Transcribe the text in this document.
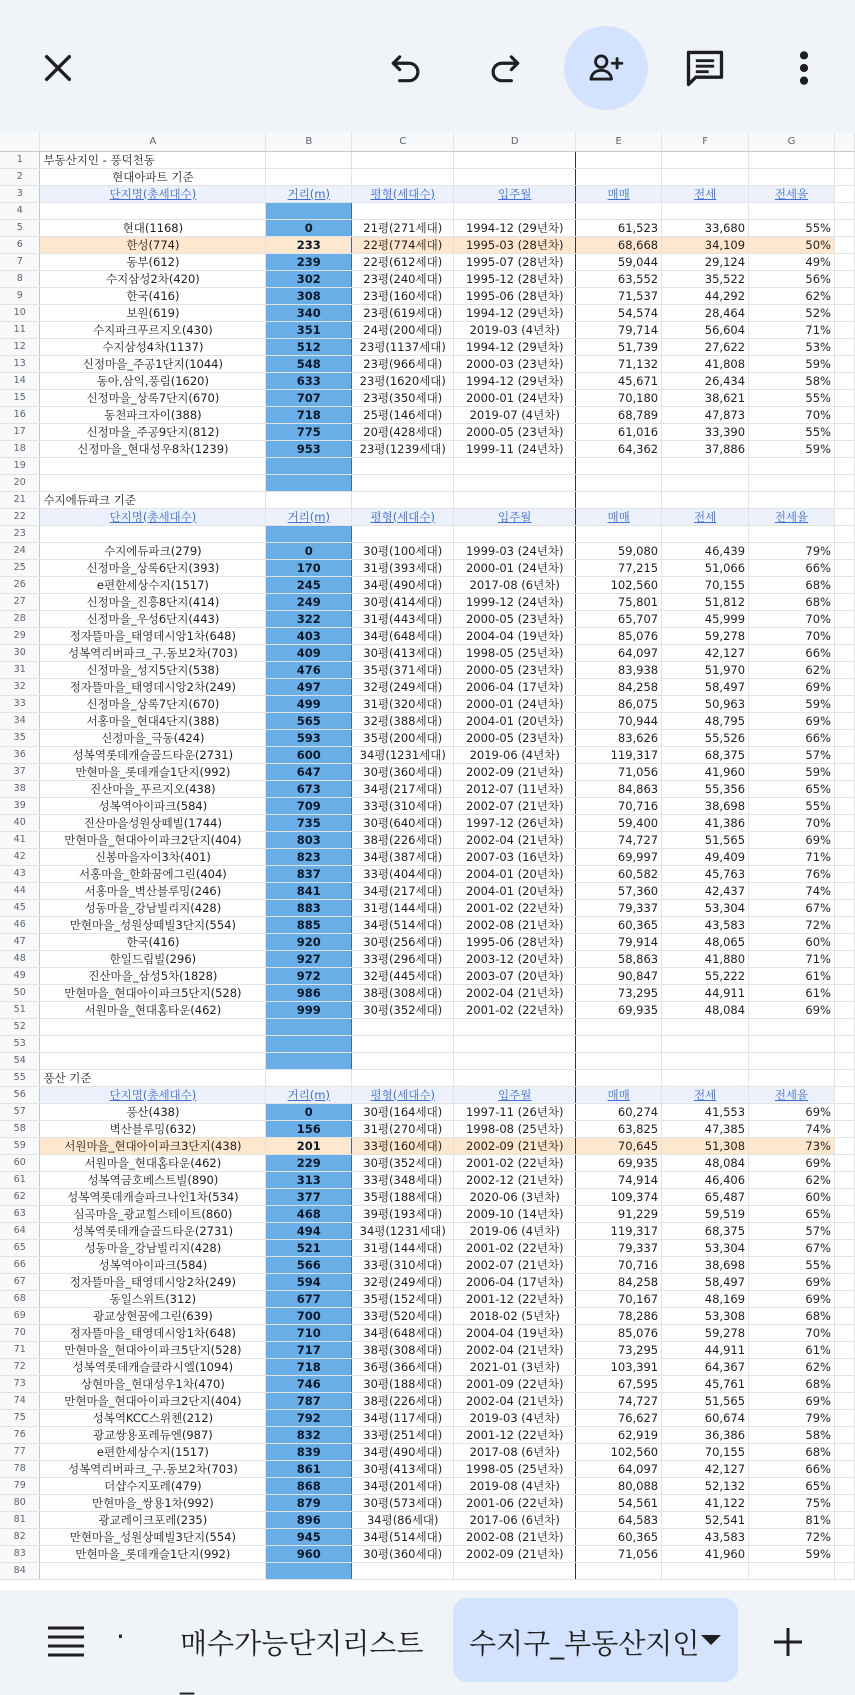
	A	B	C	D	E	F	G	
1	부동산지인 - 풍덕천동							
2	현대아파트 기준							
3	단지명(총세대수)	거리(m)	평형(세대수)	입주월	매매	전세	전세율	
4								
5	현대(1168)	0	21평(271세대)	1994-12 (29년차)	61,523	33,680	55%	
6	한성(774)	233	22평(774세대)	1995-03 (28년차)	68,668	34,109	50%	
7	동부(612)	239	22평(612세대)	1995-07 (28년차)	59,044	29,124	49%	
8	수지삼성2차(420)	302	23평(240세대)	1995-12 (28년차)	63,552	35,522	56%	
9	한국(416)	308	23평(160세대)	1995-06 (28년차)	71,537	44,292	62%	
10	보원(619)	340	23평(619세대)	1994-12 (29년차)	54,574	28,464	52%	
11	수지파크푸르지오(430)	351	24평(200세대)	2019-03 (4년차)	79,714	56,604	71%	
12	수지삼성4차(1137)	512	23평(1137세대)	1994-12 (29년차)	51,739	27,622	53%	
13	신정마을_주공1단지(1044)	548	23평(966세대)	2000-03 (23년차)	71,132	41,808	59%	
14	동아,삼익,풍림(1620)	633	23평(1620세대)	1994-12 (29년차)	45,671	26,434	58%	
15	신정마을_상록7단지(670)	707	23평(350세대)	2000-01 (24년차)	70,180	38,621	55%	
16	동천파크자이(388)	718	25평(146세대)	2019-07 (4년차)	68,789	47,873	70%	
17	신정마을_주공9단지(812)	775	20평(428세대)	2000-05 (23년차)	61,016	33,390	55%	
18	신정마을_현대성우8차(1239)	953	23평(1239세대)	1999-11 (24년차)	64,362	37,886	59%	
19								
20								
21	수지에듀파크 기준							
22	단지명(총세대수)	거리(m)	평형(세대수)	입주월	매매	전세	전세율	
23								
24	수지에듀파크(279)	0	30평(100세대)	1999-03 (24년차)	59,080	46,439	79%	
25	신정마을_상록6단지(393)	170	31평(393세대)	2000-01 (24년차)	77,215	51,066	66%	
26	e편한세상수지(1517)	245	34평(490세대)	2017-08 (6년차)	102,560	70,155	68%	
27	신정마을_진흥8단지(414)	249	30평(414세대)	1999-12 (24년차)	75,801	51,812	68%	
28	신정마을_우성6단지(443)	322	31평(443세대)	2000-05 (23년차)	65,707	45,999	70%	
29	정자뜰마을_태영데시앙1차(648)	403	34평(648세대)	2004-04 (19년차)	85,076	59,278	70%	
30	성복역리버파크_구.동보2차(703)	409	30평(413세대)	1998-05 (25년차)	64,097	42,127	66%	
31	신정마을_성지5단지(538)	476	35평(371세대)	2000-05 (23년차)	83,938	51,970	62%	
32	정자뜰마을_태영데시앙2차(249)	497	32평(249세대)	2006-04 (17년차)	84,258	58,497	69%	
33	신정마을_상록7단지(670)	499	31평(320세대)	2000-01 (24년차)	86,075	50,963	59%	
34	서홍마을_현대4단지(388)	565	32평(388세대)	2004-01 (20년차)	70,944	48,795	69%	
35	신정마을_극동(424)	593	35평(200세대)	2000-05 (23년차)	83,626	55,526	66%	
36	성복역롯데캐슬골드타운(2731)	600	34평(1231세대)	2019-06 (4년차)	119,317	68,375	57%	
37	만현마을_롯데캐슬1단지(992)	647	30평(360세대)	2002-09 (21년차)	71,056	41,960	59%	
38	진산마을_푸르지오(438)	673	34평(217세대)	2012-07 (11년차)	84,863	55,356	65%	
39	성복역아이파크(584)	709	33평(310세대)	2002-07 (21년차)	70,716	38,698	55%	
40	진산마을성원상떼빌(1744)	735	30평(640세대)	1997-12 (26년차)	59,400	41,386	70%	
41	만현마을_현대아이파크2단지(404)	803	38평(226세대)	2002-04 (21년차)	74,727	51,565	69%	
42	신봉마을자이3차(401)	823	34평(387세대)	2007-03 (16년차)	69,997	49,409	71%	
43	서홍마을_한화꿈에그린(404)	837	33평(404세대)	2004-01 (20년차)	60,582	45,763	76%	
44	서홍마을_벽산블루밍(246)	841	34평(217세대)	2004-01 (20년차)	57,360	42,437	74%	
45	성동마을_강남빌리지(428)	883	31평(144세대)	2001-02 (22년차)	79,337	53,304	67%	
46	만현마을_성원상떼빌3단지(554)	885	34평(514세대)	2002-08 (21년차)	60,365	43,583	72%	
47	한국(416)	920	30평(256세대)	1995-06 (28년차)	79,914	48,065	60%	
48	한일드림빌(296)	927	33평(296세대)	2003-12 (20년차)	58,863	41,880	71%	
49	진산마을_삼성5차(1828)	972	32평(445세대)	2003-07 (20년차)	90,847	55,222	61%	
50	만현마을_현대아이파크5단지(528)	986	38평(308세대)	2002-04 (21년차)	73,295	44,911	61%	
51	서원마을_현대홈타운(462)	999	30평(352세대)	2001-02 (22년차)	69,935	48,084	69%	
52								
53								
54								
55	풍산 기준							
56	단지명(총세대수)	거리(m)	평형(세대수)	입주월	매매	전세	전세율	
57	풍산(438)	0	30평(164세대)	1997-11 (26년차)	60,274	41,553	69%	
58	벽산블루밍(632)	156	31평(270세대)	1998-08 (25년차)	63,825	47,385	74%	
59	서원마을_현대아이파크3단지(438)	201	33평(160세대)	2002-09 (21년차)	70,645	51,308	73%	
60	서원마을_현대홈타운(462)	229	30평(352세대)	2001-02 (22년차)	69,935	48,084	69%	
61	성복역금호베스트빌(890)	313	33평(348세대)	2002-12 (21년차)	74,914	46,406	62%	
62	성복역롯데캐슬파크나인1차(534)	377	35평(188세대)	2020-06 (3년차)	109,374	65,487	60%	
63	심곡마을_광교힐스테이트(860)	468	39평(193세대)	2009-10 (14년차)	91,229	59,519	65%	
64	성복역롯데캐슬골드타운(2731)	494	34평(1231세대)	2019-06 (4년차)	119,317	68,375	57%	
65	성동마을_강남빌리지(428)	521	31평(144세대)	2001-02 (22년차)	79,337	53,304	67%	
66	성복역아이파크(584)	566	33평(310세대)	2002-07 (21년차)	70,716	38,698	55%	
67	정자뜰마을_태영데시앙2차(249)	594	32평(249세대)	2006-04 (17년차)	84,258	58,497	69%	
68	동일스위트(312)	677	35평(152세대)	2001-12 (22년차)	70,167	48,169	69%	
69	광교상현꿈에그린(639)	700	33평(520세대)	2018-02 (5년차)	78,286	53,308	68%	
70	정자뜰마을_태영데시앙1차(648)	710	34평(648세대)	2004-04 (19년차)	85,076	59,278	70%	
71	만현마을_현대아이파크5단지(528)	717	38평(308세대)	2002-04 (21년차)	73,295	44,911	61%	
72	성복역롯데캐슬클라시엘(1094)	718	36평(366세대)	2021-01 (3년차)	103,391	64,367	62%	
73	상현마을_현대성우1차(470)	746	30평(188세대)	2001-09 (22년차)	67,595	45,761	68%	
74	만현마을_현대아이파크2단지(404)	787	38평(226세대)	2002-04 (21년차)	74,727	51,565	69%	
75	성복역KCC스위첸(212)	792	34평(117세대)	2019-03 (4년차)	76,627	60,674	79%	
76	광교쌍용포레듀엔(987)	832	33평(251세대)	2001-12 (22년차)	62,919	36,386	58%	
77	e편한세상수지(1517)	839	34평(490세대)	2017-08 (6년차)	102,560	70,155	68%	
78	성복역리버파크_구.동보2차(703)	861	30평(413세대)	1998-05 (25년차)	64,097	42,127	66%	
79	더샵수지포레(479)	868	34평(201세대)	2019-08 (4년차)	80,088	52,132	65%	
80	만현마을_쌍용1차(992)	879	30평(573세대)	2001-06 (22년차)	54,561	41,122	75%	
81	광교레이크포레(235)	896	34평(86세대)	2017-06 (6년차)	64,583	52,541	81%	
82	만현마을_성원상떼빌3단지(554)	945	34평(514세대)	2002-08 (21년차)	60,365	43,583	72%	
83	만현마을_롯데캐슬1단지(992)	960	30평(360세대)	2002-09 (21년차)	71,056	41,960	59%	
84								
. 매수가능단지리스트_
수지구_부동산지인
